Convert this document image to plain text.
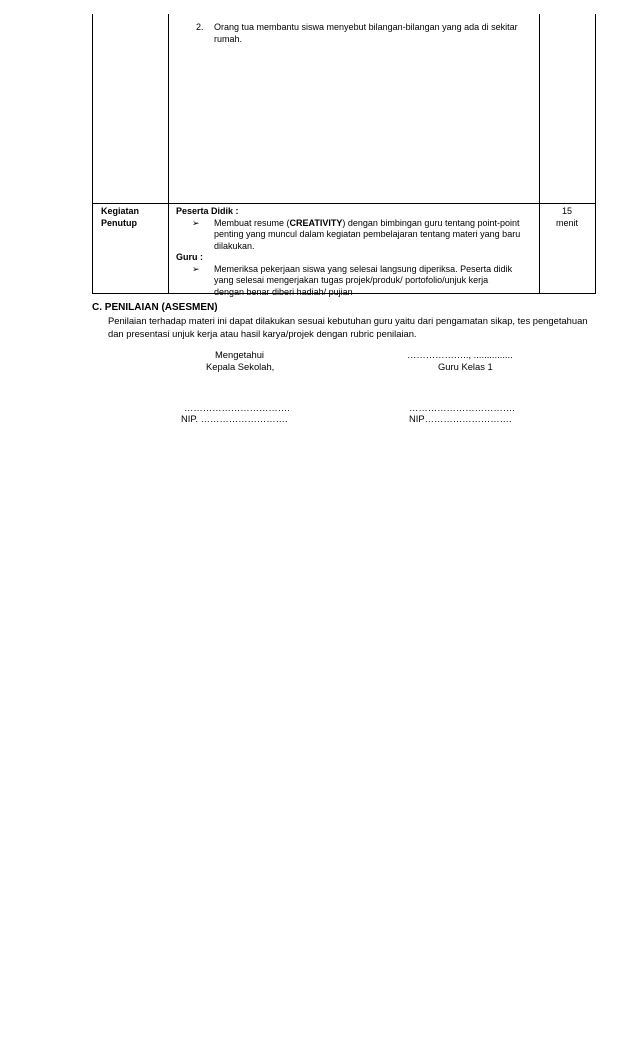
2. Orang tua membantu siswa menyebut bilangan-bilangan yang ada di sekitar
rumah.
Kegiatan
Penutup
Peserta Didik :
➢ Membuat resume (CREATIVITY) dengan bimbingan guru tentang point-point
penting yang muncul dalam kegiatan pembelajaran tentang materi yang baru
dilakukan.
Guru :
➢ Memeriksa pekerjaan siswa yang selesai langsung diperiksa. Peserta didik
yang selesai mengerjakan tugas projek/produk/ portofolio/unjuk kerja
dengan benar diberi hadiah/ pujian
15
menit
C. PENILAIAN (ASESMEN)
Penilaian terhadap materi ini dapat dilakukan sesuai kebutuhan guru yaitu dari pengamatan sikap, tes pengetahuan
dan presentasi unjuk kerja atau hasil karya/projek dengan rubric penilaian.
Mengetahui
Kepala Sekolah,
…………………………….
NIP. ……………………….
……………….., ...............
Guru Kelas 1
…………………………….
NIP……………………….
